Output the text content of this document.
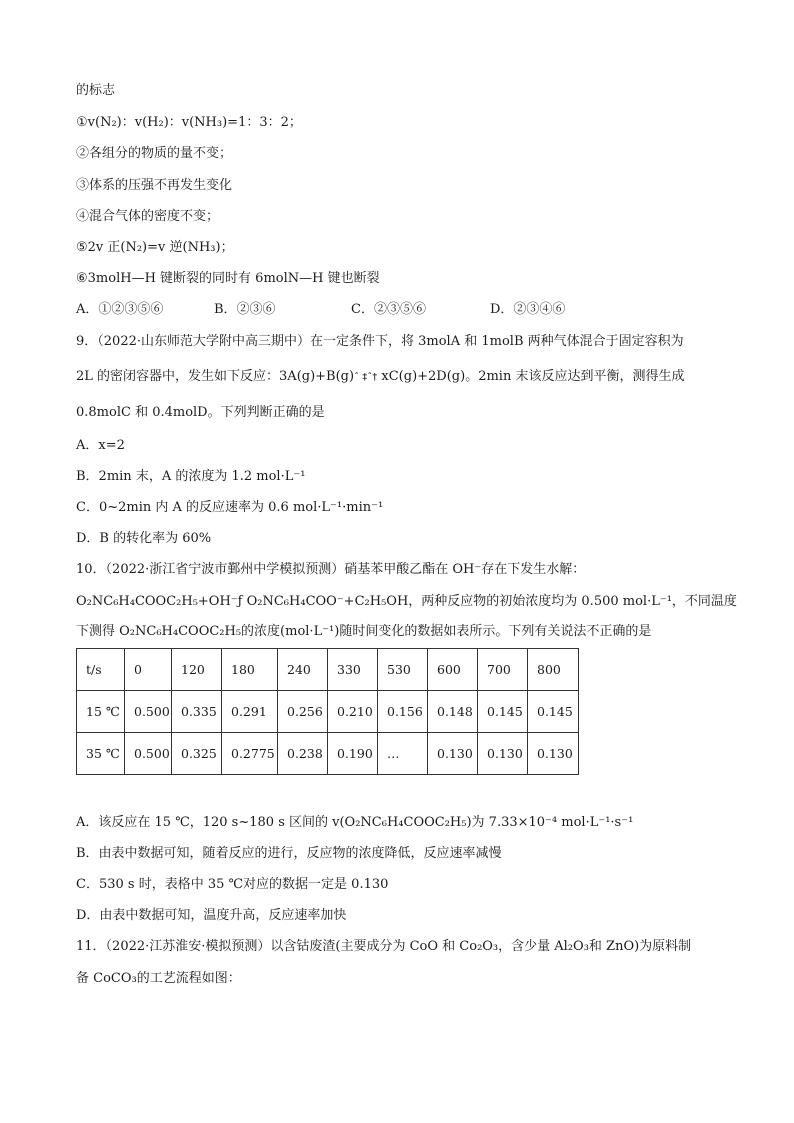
的标志
①v(N₂)：v(H₂)：v(NH₃)=1：3：2；
②各组分的物质的量不变；
③体系的压强不再发生变化
④混合气体的密度不变；
⑤2v 正(N₂)=v 逆(NH₃)；
⑥3molH—H 键断裂的同时有 6molN—H 键也断裂
A．①②③⑤⑥	B．②③⑥	C．②③⑤⑥	D．②③④⑥
9．（2022·山东师范大学附中高三期中）在一定条件下，将 3molA 和 1molB 两种气体混合于固定容积为
2L 的密闭容器中，发生如下反应：3A(g)+B(g)ˆ ‡ˆ† xC(g)+2D(g)。2min 末该反应达到平衡，测得生成
0.8molC 和 0.4molD。下列判断正确的是
A．x=2
B．2min 末，A 的浓度为 1.2 mol·L⁻¹
C．0~2min 内 A 的反应速率为 0.6 mol·L⁻¹·min⁻¹
D．B 的转化率为 60%
10．（2022·浙江省宁波市鄞州中学模拟预测）硝基苯甲酸乙酯在 OH⁻存在下发生水解：
O₂NC₆H₄COOC₂H₅+OH⁻ƒ O₂NC₆H₄COO⁻+C₂H₅OH，两种反应物的初始浓度均为 0.500 mol·L⁻¹，不同温度
下测得 O₂NC₆H₄COOC₂H₅的浓度(mol·L⁻¹)随时间变化的数据如表所示。下列有关说法不正确的是
t/s	0	120	180	240	330	530	600	700	800
15 ℃	0.500	0.335	0.291	0.256	0.210	0.156	0.148	0.145	0.145
35 ℃	0.500	0.325	0.2775	0.238	0.190	…	0.130	0.130	0.130
A．该反应在 15 ℃，120 s~180 s 区间的 v(O₂NC₆H₄COOC₂H₅)为 7.33×10⁻⁴ mol·L⁻¹·s⁻¹
B．由表中数据可知，随着反应的进行，反应物的浓度降低，反应速率减慢
C．530 s 时，表格中 35 ℃对应的数据一定是 0.130
D．由表中数据可知，温度升高，反应速率加快
11．（2022·江苏淮安·模拟预测）以含钴废渣(主要成分为 CoO 和 Co₂O₃，含少量 Al₂O₃和 ZnO)为原料制
备 CoCO₃的工艺流程如图：
